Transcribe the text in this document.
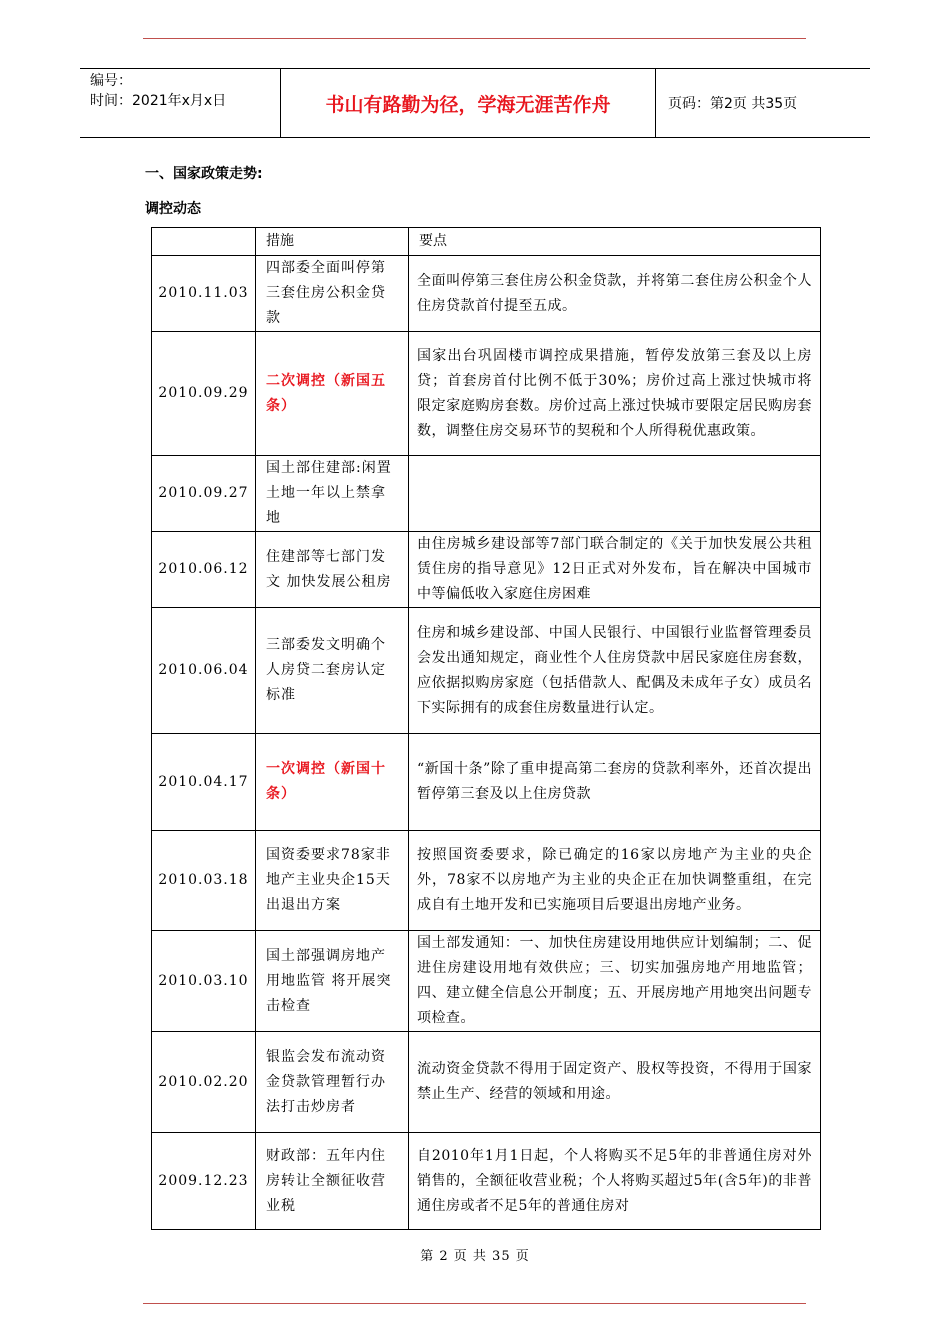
编号：
时间：2021年x月x日	书山有路勤为径，学海无涯苦作舟	页码：第2页 共35页
一、国家政策走势:
调控动态
	措施	要点
2010.11.03	四部委全面叫停第三套住房公积金贷款	全面叫停第三套住房公积金贷款，并将第二套住房公积金个人住房贷款首付提至五成。
2010.09.29	二次调控（新国五条）	国家出台巩固楼市调控成果措施，暂停发放第三套及以上房贷；首套房首付比例不低于30%；房价过高上涨过快城市将限定家庭购房套数。房价过高上涨过快城市要限定居民购房套数，调整住房交易环节的契税和个人所得税优惠政策。
2010.09.27	国土部住建部:闲置土地一年以上禁拿地	
2010.06.12	住建部等七部门发文 加快发展公租房	由住房城乡建设部等7部门联合制定的《关于加快发展公共租赁住房的指导意见》12日正式对外发布，旨在解决中国城市中等偏低收入家庭住房困难
2010.06.04	三部委发文明确个人房贷二套房认定标准	住房和城乡建设部、中国人民银行、中国银行业监督管理委员会发出通知规定，商业性个人住房贷款中居民家庭住房套数，应依据拟购房家庭（包括借款人、配偶及未成年子女）成员名下实际拥有的成套住房数量进行认定。
2010.04.17	一次调控（新国十条）	“新国十条”除了重申提高第二套房的贷款利率外，还首次提出暂停第三套及以上住房贷款
2010.03.18	国资委要求78家非地产主业央企15天出退出方案	按照国资委要求，除已确定的16家以房地产为主业的央企外，78家不以房地产为主业的央企正在加快调整重组，在完成自有土地开发和已实施项目后要退出房地产业务。
2010.03.10	国土部强调房地产用地监管 将开展突击检查	国土部发通知：一、加快住房建设用地供应计划编制；二、促进住房建设用地有效供应；三、切实加强房地产用地监管；四、建立健全信息公开制度；五、开展房地产用地突出问题专项检查。
2010.02.20	银监会发布流动资金贷款管理暂行办法打击炒房者	流动资金贷款不得用于固定资产、股权等投资，不得用于国家禁止生产、经营的领域和用途。
2009.12.23	财政部：五年内住房转让全额征收营业税	自2010年1月1日起，个人将购买不足5年的非普通住房对外销售的，全额征收营业税；个人将购买超过5年(含5年)的非普通住房或者不足5年的普通住房对
第 2 页 共 35 页
